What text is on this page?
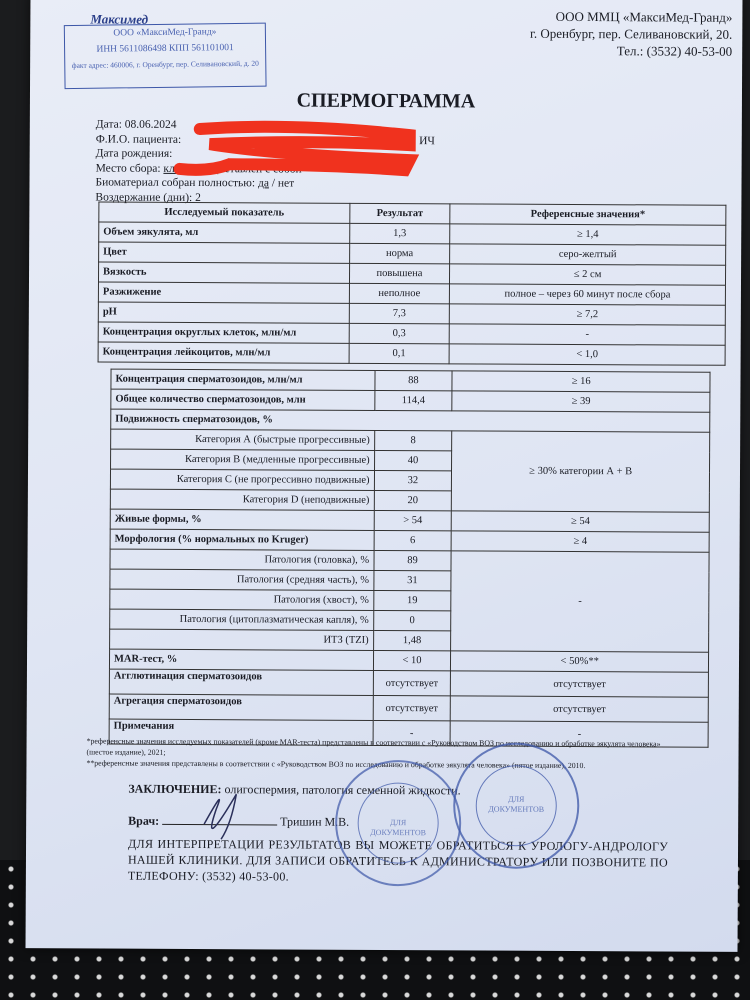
Максимед
ООО «МаксиМед-Гранд»
ИНН 5611086498 КПП 561101001
факт адрес: 460006, г. Оренбург, пер. Селивановский, д. 20
ООО ММЦ «МаксиМед-Гранд»
г. Оренбург, пер. Селивановский, 20.
Тел.: (3532) 40-53-00
СПЕРМОГРАММА
Дата: 08.06.2024
Ф.И.О. пациента:	ИЧ
Дата рождения:
Место сбора: клиника / доставлен с собой
Биоматериал собран полностью: да / нет
Воздержание (дни): 2
Исследуемый показатель	Результат	Референсные значения*
Объем эякулята, мл	1,3	≥ 1,4
Цвет	норма	серо-желтый
Вязкость	повышена	≤ 2 см
Разжижение	неполное	полное – через 60 минут после сбора
pH	7,3	≥ 7,2
Концентрация округлых клеток, млн/мл	0,3	-
Концентрация лейкоцитов, млн/мл	0,1	< 1,0
Концентрация сперматозоидов, млн/мл	88	≥ 16
Общее количество сперматозоидов, млн	114,4	≥ 39
Подвижность сперматозоидов, %		
Категория А (быстрые прогрессивные)	8	≥ 30% категории А + В
Категория В (медленные прогрессивные)	40	
Категория С (не прогрессивно подвижные)	32	
Категория D (неподвижные)	20	
Живые формы, %	> 54	≥ 54
Морфология (% нормальных по Kruger)	6	≥ 4
Патология (головка), %	89	-
Патология (средняя часть), %	31	
Патология (хвост), %	19	
Патология (цитоплазматическая капля), %	0	
ИТЗ (TZI)	1,48	
MAR-тест, %	< 10	< 50%**
Агглютинация сперматозоидов	отсутствует	отсутствует
Агрегация сперматозоидов	отсутствует	отсутствует
Примечания	-	-
*референсные значения исследуемых показателей (кроме MAR-теста) представлены в соответствии с «Руководством ВОЗ по исследованию и обработке эякулята человека» (шестое издание), 2021;
**референсные значения представлены в соответствии с «Руководством ВОЗ по исследованию и обработке эякулята человека» (пятое издание), 2010.
ЗАКЛЮЧЕНИЕ: олигоспермия, патология семенной жидкости.
Врач:	Тришин М.В.
ДЛЯ ИНТЕРПРЕТАЦИИ РЕЗУЛЬТАТОВ ВЫ МОЖЕТЕ ОБРАТИТЬСЯ К УРОЛОГУ-АНДРОЛОГУ НАШЕЙ КЛИНИКИ. ДЛЯ ЗАПИСИ ОБРАТИТЕСЬ К АДМИНИСТРАТОРУ ИЛИ ПОЗВОНИТЕ ПО ТЕЛЕФОНУ: (3532) 40-53-00.
ДЛЯ
ДОКУМЕНТОВ
ДЛЯ
ДОКУМЕНТОВ
